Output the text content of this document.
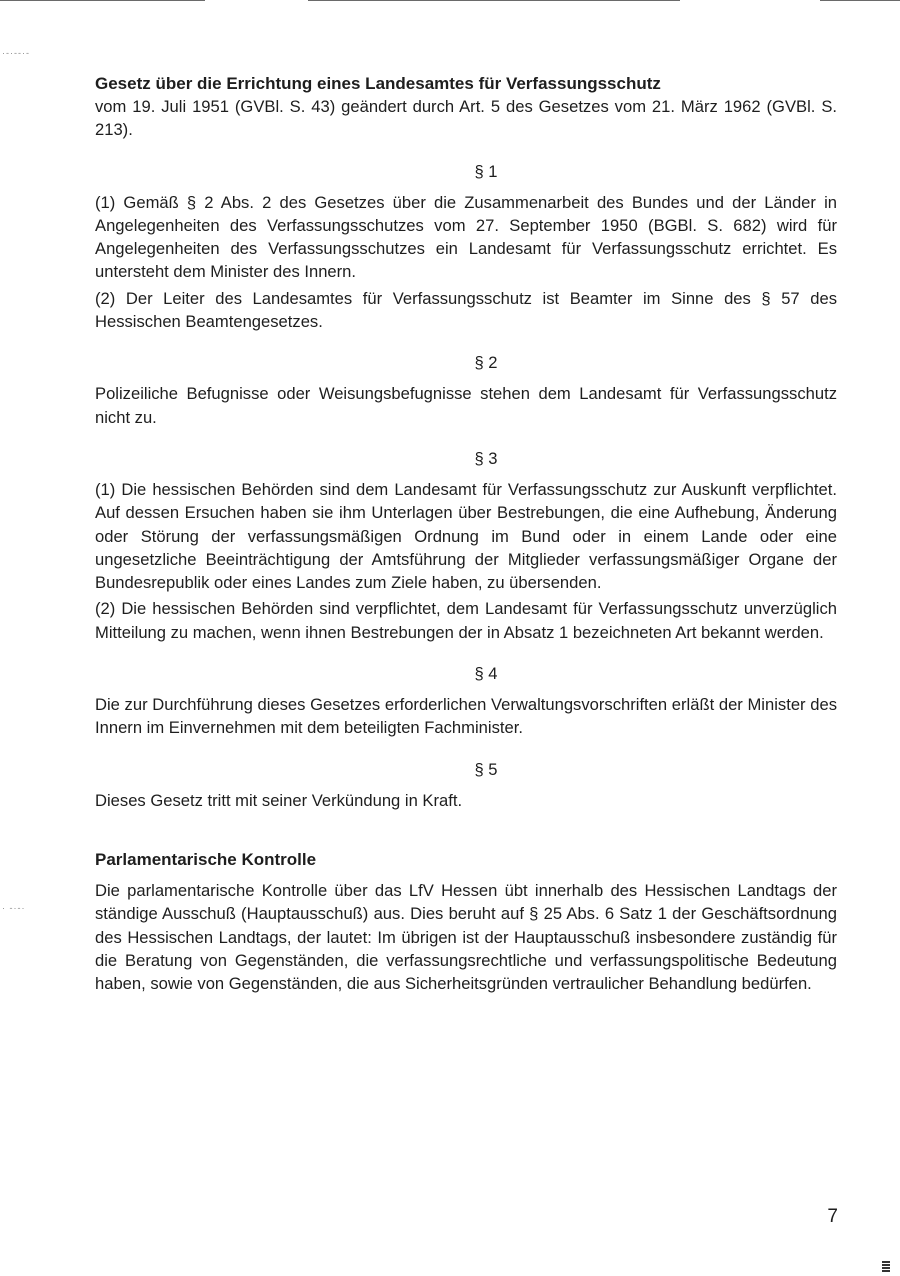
·-·--·-
· -·-·
Gesetz über die Errichtung eines Landesamtes für Verfassungsschutz

vom 19. Juli 1951 (GVBl. S. 43) geändert durch Art. 5 des Gesetzes vom 21. März 1962 (GVBl. S. 213).

§ 1

(1) Gemäß § 2 Abs. 2 des Gesetzes über die Zusammenarbeit des Bundes und der Länder in Angelegenheiten des Verfassungsschutzes vom 27. September 1950 (BGBl. S. 682) wird für Angelegenheiten des Verfassungsschutzes ein Landesamt für Verfassungsschutz errichtet. Es untersteht dem Minister des Innern.

(2) Der Leiter des Landesamtes für Verfassungsschutz ist Beamter im Sinne des § 57 des Hessischen Beamtengesetzes.

§ 2

Polizeiliche Befugnisse oder Weisungsbefugnisse stehen dem Landesamt für Verfassungsschutz nicht zu.

§ 3

(1) Die hessischen Behörden sind dem Landesamt für Verfassungsschutz zur Auskunft verpflichtet. Auf dessen Ersuchen haben sie ihm Unterlagen über Bestrebungen, die eine Aufhebung, Änderung oder Störung der verfassungsmäßigen Ordnung im Bund oder in einem Lande oder eine ungesetzliche Beeinträchtigung der Amtsführung der Mitglieder verfassungsmäßiger Organe der Bundesrepublik oder eines Landes zum Ziele haben, zu übersenden.

(2) Die hessischen Behörden sind verpflichtet, dem Landesamt für Verfassungsschutz unverzüglich Mitteilung zu machen, wenn ihnen Bestrebungen der in Absatz 1 bezeichneten Art bekannt werden.

§ 4

Die zur Durchführung dieses Gesetzes erforderlichen Verwaltungsvorschriften erläßt der Minister des Innern im Einvernehmen mit dem beteiligten Fachminister.

§ 5

Dieses Gesetz tritt mit seiner Verkündung in Kraft.

Parlamentarische Kontrolle

Die parlamentarische Kontrolle über das LfV Hessen übt innerhalb des Hessischen Landtags der ständige Ausschuß (Hauptausschuß) aus. Dies beruht auf § 25 Abs. 6 Satz 1 der Geschäftsordnung des Hessischen Landtags, der lautet: Im übrigen ist der Hauptausschuß insbesondere zuständig für die Beratung von Gegenständen, die verfassungsrechtliche und verfassungspolitische Bedeutung haben, sowie von Gegenständen, die aus Sicherheitsgründen vertraulicher Behandlung bedürfen.

7
